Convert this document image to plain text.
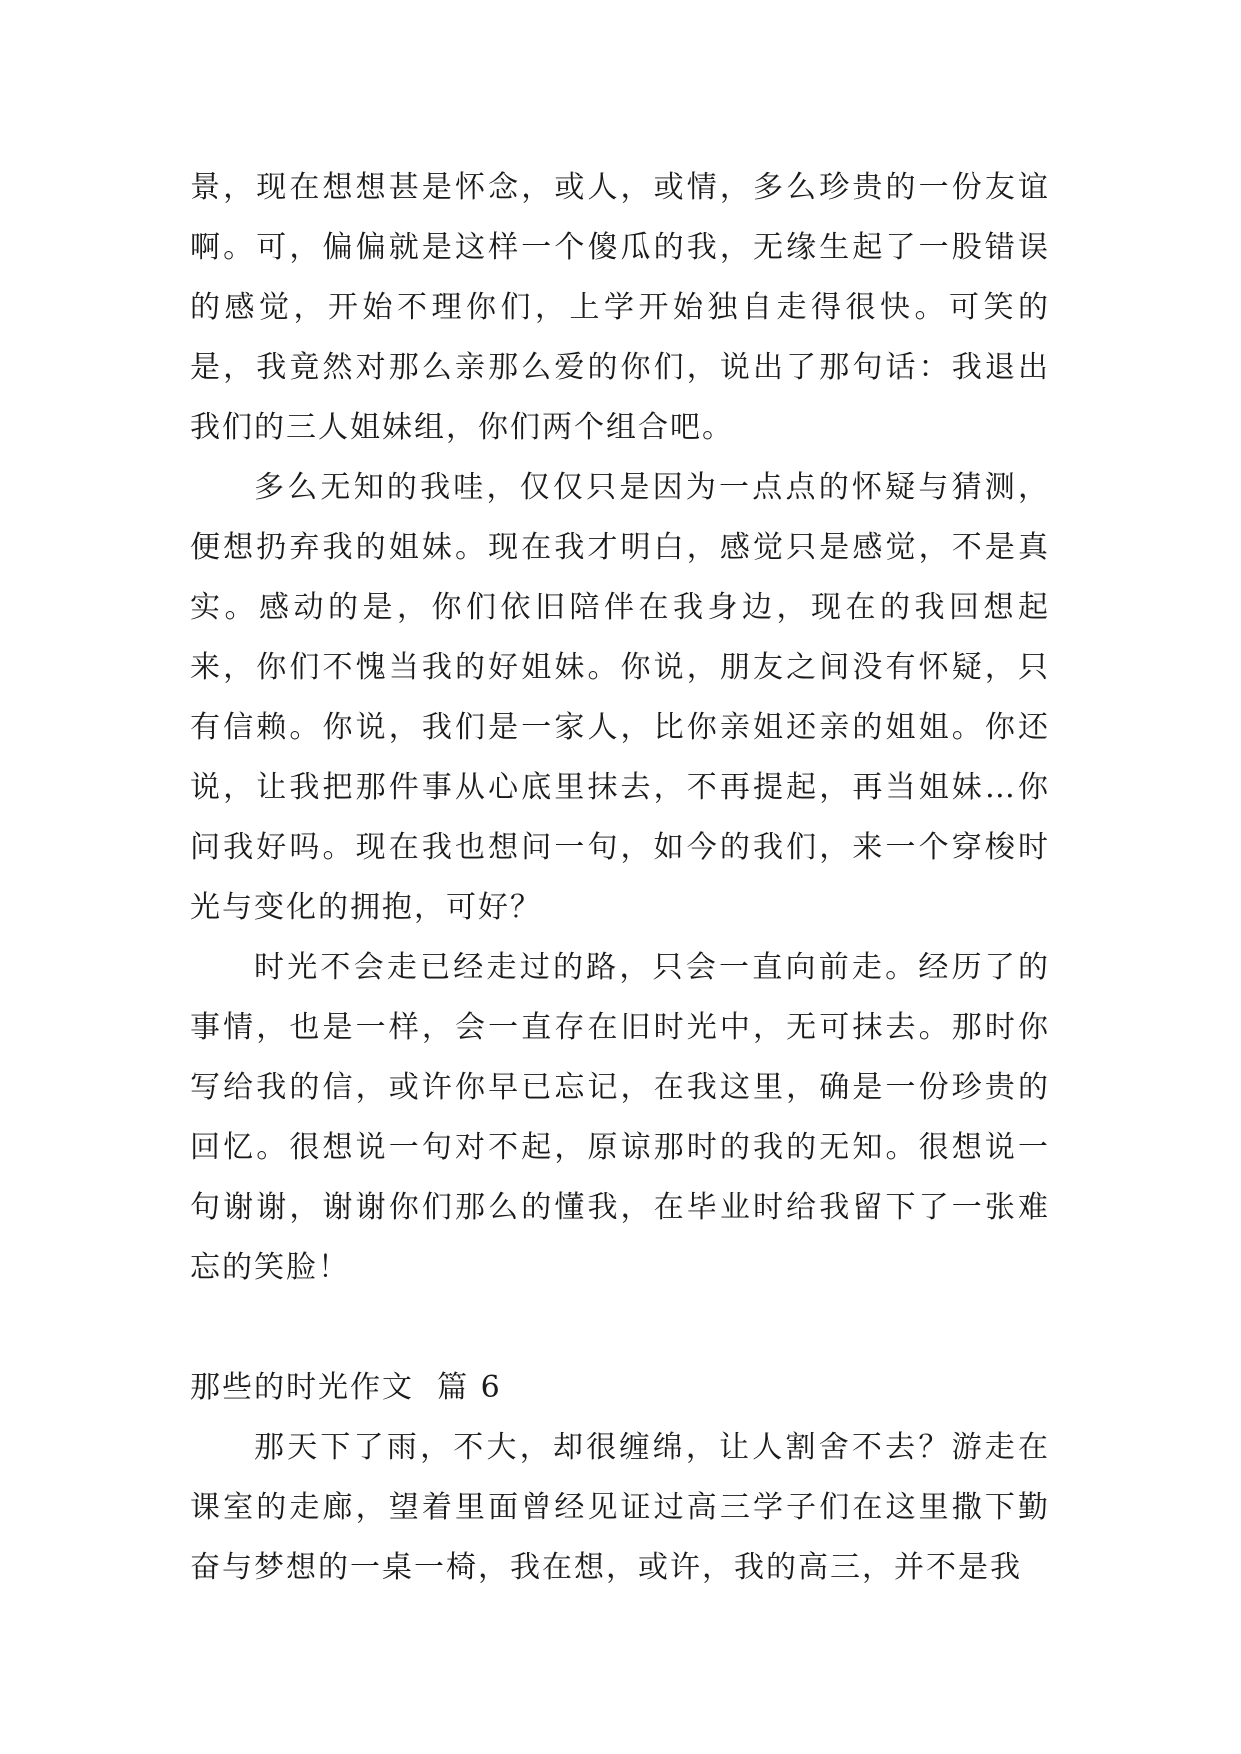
景，现在想想甚是怀念，或人，或情，多么珍贵的一份友谊啊。可，偏偏就是这样一个傻瓜的我，无缘生起了一股错误的感觉，开始不理你们，上学开始独自走得很快。可笑的是，我竟然对那么亲那么爱的你们，说出了那句话：我退出我们的三人姐妹组，你们两个组合吧。

多么无知的我哇，仅仅只是因为一点点的怀疑与猜测，便想扔弃我的姐妹。现在我才明白，感觉只是感觉，不是真实。感动的是，你们依旧陪伴在我身边，现在的我回想起来，你们不愧当我的好姐妹。你说，朋友之间没有怀疑，只有信赖。你说，我们是一家人，比你亲姐还亲的姐姐。你还说，让我把那件事从心底里抹去，不再提起，再当姐妹…你问我好吗。现在我也想问一句，如今的我们，来一个穿梭时光与变化的拥抱，可好？

时光不会走已经走过的路，只会一直向前走。经历了的事情，也是一样，会一直存在旧时光中，无可抹去。那时你写给我的信，或许你早已忘记，在我这里，确是一份珍贵的回忆。很想说一句对不起，原谅那时的我的无知。很想说一句谢谢，谢谢你们那么的懂我，在毕业时给我留下了一张难忘的笑脸！

那些的时光作文  篇 6

那天下了雨，不大，却很缠绵，让人割舍不去？游走在课室的走廊，望着里面曾经见证过高三学子们在这里撒下勤奋与梦想的一桌一椅，我在想，或许，我的高三，并不是我
